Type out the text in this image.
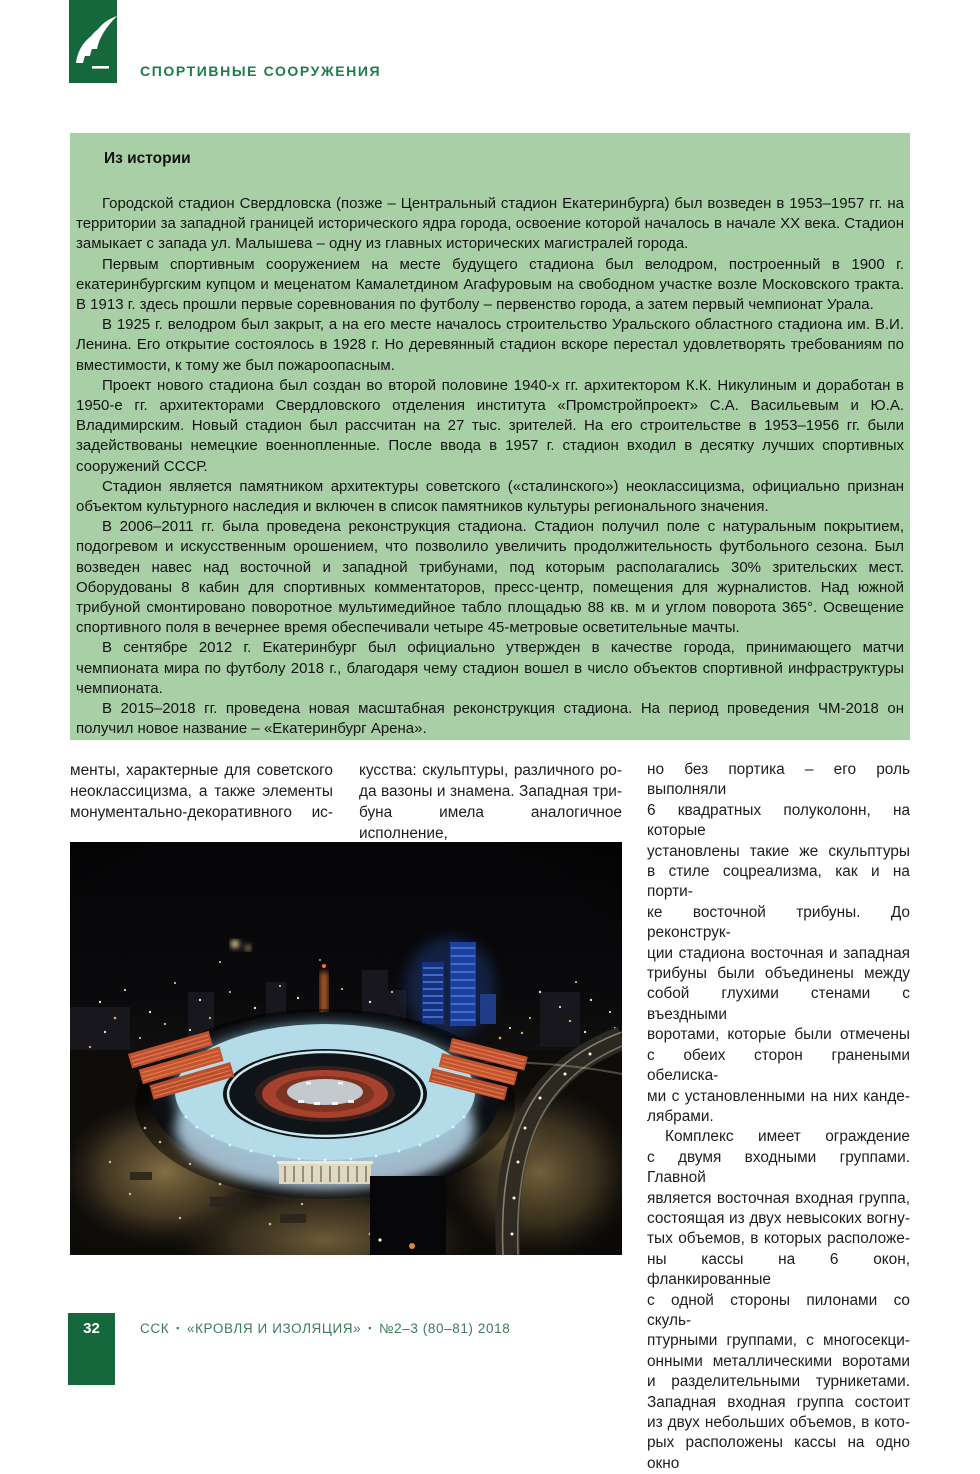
СПОРТИВНЫЕ СООРУЖЕНИЯ
Из истории

Городской стадион Свердловска (позже – Центральный стадион Екатеринбурга) был возведен в 1953–1957 гг. на территории за западной границей исторического ядра города, освоение которой началось в начале XX века. Стадион замыкает с запада ул. Малышева – одну из главных исторических магистралей города.

Первым спортивным сооружением на месте будущего стадиона был велодром, построенный в 1900 г. екатеринбургским купцом и меценатом Камалетдином Агафуровым на свободном участке возле Московского тракта. В 1913 г. здесь прошли первые соревнования по футболу – первенство города, а затем первый чемпионат Урала.

В 1925 г. велодром был закрыт, а на его месте началось строительство Уральского областного стадиона им. В.И. Ленина. Его открытие состоялось в 1928 г. Но деревянный стадион вскоре перестал удовлетворять требованиям по вместимости, к тому же был пожароопасным.

Проект нового стадиона был создан во второй половине 1940-х гг. архитектором К.К. Никулиным и доработан в 1950-е гг. архитекторами Свердловского отделения института «Промстройпроект» С.А. Васильевым и Ю.А. Владимирским. Новый стадион был рассчитан на 27 тыс. зрителей. На его строительстве в 1953–1956 гг. были задействованы немецкие военнопленные. После ввода в 1957 г. стадион входил в десятку лучших спортивных сооружений СССР.

Стадион является памятником архитектуры советского («сталинского») неоклассицизма, официально признан объектом культурного наследия и включен в список памятников культуры регионального значения.

В 2006–2011 гг. была проведена реконструкция стадиона. Стадион получил поле с натуральным покрытием, подогревом и искусственным орошением, что позволило увеличить продолжительность футбольного сезона. Был возведен навес над восточной и западной трибунами, под которым располагались 30% зрительских мест. Оборудованы 8 кабин для спортивных комментаторов, пресс-центр, помещения для журналистов. Над южной трибуной смонтировано поворотное мультимедийное табло площадью 88 кв. м и углом поворота 365°. Освещение спортивного поля в вечернее время обеспечивали четыре 45-метровые осветительные мачты.

В сентябре 2012 г. Екатеринбург был официально утвержден в качестве города, принимающего матчи чемпионата мира по футболу 2018 г., благодаря чему стадион вошел в число объектов спортивной инфраструктуры чемпионата.

В 2015–2018 гг. проведена новая масштабная реконструкция стадиона. На период проведения ЧМ-2018 он получил новое название – «Екатеринбург Арена».

менты, характерные для советского
неоклассицизма, а также элементы
монументально-декоративного ис-
кусства: скульптуры, различного ро-
да вазоны и знамена. Западная три-
буна имела аналогичное исполнение,
но без портика – его роль выполняли
6 квадратных полуколонн, на которые
установлены такие же скульптуры
в стиле соцреализма, как и на порти-
ке восточной трибуны. До реконструк-
ции стадиона восточная и западная
трибуны были объединены между
собой глухими стенами с въездными
воротами, которые были отмечены
с обеих сторон гранеными обелиска-
ми с установленными на них канде-
лябрами.
Комплекс имеет ограждение
с двумя входными группами. Главной
является восточная входная группа,
состоящая из двух невысоких вогну-
тых объемов, в которых расположе-
ны кассы на 6 окон, фланкированные
с одной стороны пилонами со скуль-
птурными группами, с многосекци-
онными металлическими воротами
и разделительными турникетами.
Западная входная группа состоит
из двух небольших объемов, в кото-
рых расположены кассы на одно окно
32	ССК ▪ «КРОВЛЯ И ИЗОЛЯЦИЯ» ▪ №2–3 (80–81) 2018
